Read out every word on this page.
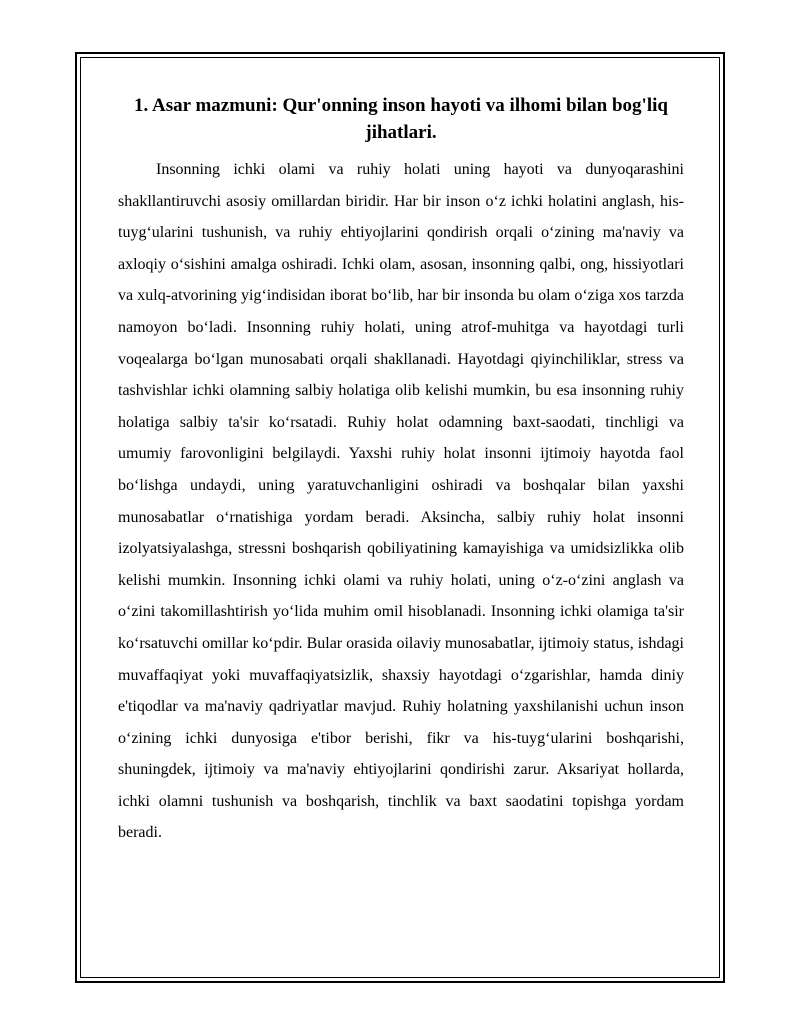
1. Asar mazmuni: Qur'onning inson hayoti va ilhomi bilan bog'liq jihatlari.

Insonning ichki olami va ruhiy holati uning hayoti va dunyoqarashini shakllantiruvchi asosiy omillardan biridir. Har bir inson o‘z ichki holatini anglash, his-tuyg‘ularini tushunish, va ruhiy ehtiyojlarini qondirish orqali o‘zining ma'naviy va axloqiy o‘sishini amalga oshiradi. Ichki olam, asosan, insonning qalbi, ong, hissiyotlari va xulq-atvorining yig‘indisidan iborat bo‘lib, har bir insonda bu olam o‘ziga xos tarzda namoyon bo‘ladi. Insonning ruhiy holati, uning atrof-muhitga va hayotdagi turli voqealarga bo‘lgan munosabati orqali shakllanadi. Hayotdagi qiyinchiliklar, stress va tashvishlar ichki olamning salbiy holatiga olib kelishi mumkin, bu esa insonning ruhiy holatiga salbiy ta'sir ko‘rsatadi. Ruhiy holat odamning baxt-saodati, tinchligi va umumiy farovonligini belgilaydi. Yaxshi ruhiy holat insonni ijtimoiy hayotda faol bo‘lishga undaydi, uning yaratuvchanligini oshiradi va boshqalar bilan yaxshi munosabatlar o‘rnatishiga yordam beradi. Aksincha, salbiy ruhiy holat insonni izolyatsiyalashga, stressni boshqarish qobiliyatining kamayishiga va umidsizlikka olib kelishi mumkin. Insonning ichki olami va ruhiy holati, uning o‘z-o‘zini anglash va o‘zini takomillashtirish yo‘lida muhim omil hisoblanadi. Insonning ichki olamiga ta'sir ko‘rsatuvchi omillar ko‘pdir. Bular orasida oilaviy munosabatlar, ijtimoiy status, ishdagi muvaffaqiyat yoki muvaffaqiyatsizlik, shaxsiy hayotdagi o‘zgarishlar, hamda diniy e'tiqodlar va ma'naviy qadriyatlar mavjud. Ruhiy holatning yaxshilanishi uchun inson o‘zining ichki dunyosiga e'tibor berishi, fikr va his-tuyg‘ularini boshqarishi, shuningdek, ijtimoiy va ma'naviy ehtiyojlarini qondirishi zarur. Aksariyat hollarda, ichki olamni tushunish va boshqarish, tinchlik va baxt saodatini topishga yordam beradi.
